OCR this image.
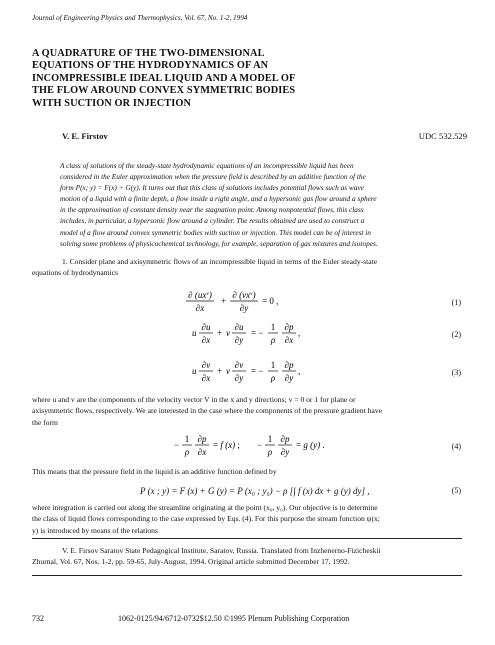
Journal of Engineering Physics and Thermophysics, Vol. 67, No. 1-2, 1994
A QUADRATURE OF THE TWO-DIMENSIONAL
EQUATIONS OF THE HYDRODYNAMICS OF AN
INCOMPRESSIBLE IDEAL LIQUID AND A MODEL OF
THE FLOW AROUND CONVEX SYMMETRIC BODIES
WITH SUCTION OR INJECTION
V. E. Firstov	UDC 532.529
A class of solutions of the steady-state hydrodynamic equations of an incompressible liquid has been
considered in the Euler approximation when the pressure field is described by an additive function of the
form P(x; y) = F(x) + G(y). It turns out that this class of solutions includes potential flows such as wave
motion of a liquid with a finite depth, a flow inside a right angle, and a hypersonic gas flow around a sphere
in the approximation of constant density near the stagnation point. Among nonpotential flows, this class
includes, in particular, a hypersonic flow around a cylinder. The results obtained are used to construct a
model of a flow around convex symmetric bodies with suction or injection. This model can be of interest in
solving some problems of physicochemical technology, for example, separation of gas mixtures and isotopes.
1. Consider plane and axisymmetric flows of an incompressible liquid in terms of the Euler steady-state
equations of hydrodynamics
∂ $(ux^\nu)$
∂x
+
∂ $(vx^\nu)$
∂y
= 0 ,	(1)
u
∂u
∂x
+ v
∂u
∂y
= −
1
ρ
∂p
∂x
,	(2)
u
∂v
∂x
+ v
∂v
∂y
= −
1
ρ
∂p
∂y
,	(3)
where u and v are the components of the velocity vector V in the x and y directions; v = 0 or 1 for plane or
axisymmetric flows, respectively. We are interested in the case where the components of the pressure gradient have
the form
−
1
ρ
∂p
∂x
= f (x) ; −
1
ρ
∂p
∂y
= g (y) .	(4)
This means that the pressure field in the liquid is an additive function defined by
P (x ; y) = F (x) + G (y) = P (x₀ ; y₀) − ρ [∫ f (x) dx + g (y) dy] ,	(5)
where integration is carried out along the streamline originating at the point (x₀, y₀). Our objective is to determine
the class of liquid flows corresponding to the case expressed by Eqs. (4). For this purpose the stream function ψ(x;
y) is introduced by means of the relations
V. E. Firsov Saratov State Pedagogical Institute, Saratov, Russia. Translated from Inzhenerno-Fizicheskii
Zhurnal, Vol. 67, Nos. 1-2, pp. 59-65, July-August, 1994. Original article submitted December 17, 1992.
732	1062-0125/94/6712-0732$12.50 ©1995 Plenum Publishing Corporation
